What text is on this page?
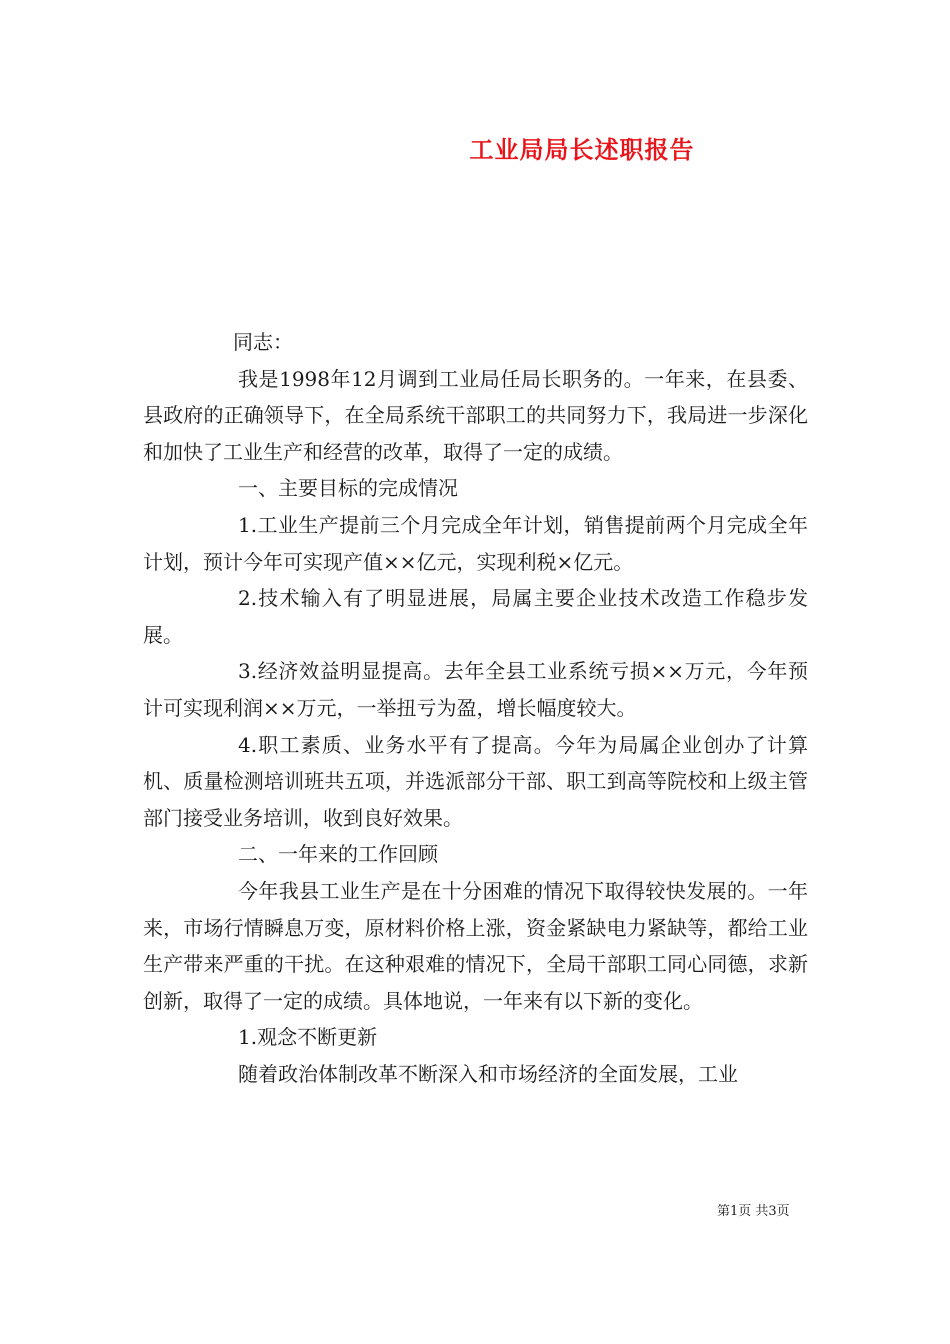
工业局局长述职报告

同志：

我是1998年12月调到工业局任局长职务的。一年来，在县委、县政府的正确领导下，在全局系统干部职工的共同努力下，我局进一步深化和加快了工业生产和经营的改革，取得了一定的成绩。

一、主要目标的完成情况

1.工业生产提前三个月完成全年计划，销售提前两个月完成全年计划，预计今年可实现产值××亿元，实现利税×亿元。

2.技术输入有了明显进展，局属主要企业技术改造工作稳步发展。

3.经济效益明显提高。去年全县工业系统亏损××万元，今年预计可实现利润××万元，一举扭亏为盈，增长幅度较大。

4.职工素质、业务水平有了提高。今年为局属企业创办了计算机、质量检测培训班共五项，并选派部分干部、职工到高等院校和上级主管部门接受业务培训，收到良好效果。

二、一年来的工作回顾

今年我县工业生产是在十分困难的情况下取得较快发展的。一年来，市场行情瞬息万变，原材料价格上涨，资金紧缺电力紧缺等，都给工业生产带来严重的干扰。在这种艰难的情况下，全局干部职工同心同德，求新创新，取得了一定的成绩。具体地说，一年来有以下新的变化。

1.观念不断更新

随着政治体制改革不断深入和市场经济的全面发展，工业

第1页 共3页
